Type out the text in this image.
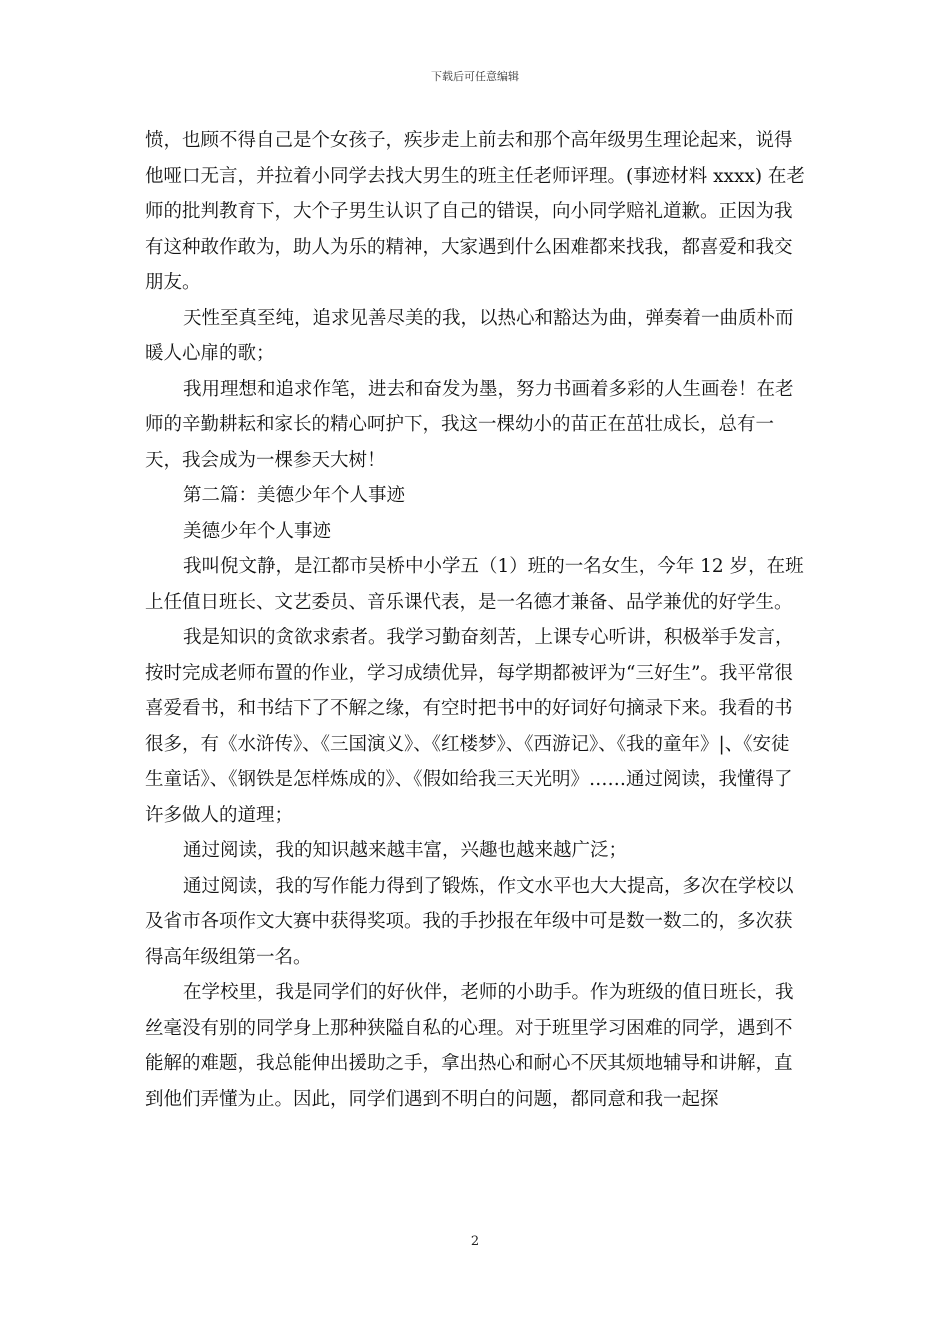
下载后可任意编辑

愤，也顾不得自己是个女孩子，疾步走上前去和那个高年级男生理论起来，说得他哑口无言，并拉着小同学去找大男生的班主任老师评理。(事迹材料 xxxx) 在老师的批判教育下，大个子男生认识了自己的错误，向小同学赔礼道歉。正因为我有这种敢作敢为，助人为乐的精神，大家遇到什么困难都来找我，都喜爱和我交朋友。

天性至真至纯，追求见善尽美的我，以热心和豁达为曲，弹奏着一曲质朴而暖人心扉的歌；

我用理想和追求作笔，进去和奋发为墨，努力书画着多彩的人生画卷！在老师的辛勤耕耘和家长的精心呵护下，我这一棵幼小的苗正在茁壮成长，总有一天，我会成为一棵参天大树！

第二篇：美德少年个人事迹

美德少年个人事迹

我叫倪文静，是江都市吴桥中小学五（1）班的一名女生，今年 12 岁，在班上任值日班长、文艺委员、音乐课代表，是一名德才兼备、品学兼优的好学生。

我是知识的贪欲求索者。我学习勤奋刻苦，上课专心听讲，积极举手发言，按时完成老师布置的作业，学习成绩优异，每学期都被评为“三好生”。我平常很喜爱看书，和书结下了不解之缘，有空时把书中的好词好句摘录下来。我看的书很多，有《水浒传》、《三国演义》、《红楼梦》、《西游记》、《我的童年》|、《安徒生童话》、《钢铁是怎样炼成的》、《假如给我三天光明》……通过阅读，我懂得了许多做人的道理；

通过阅读，我的知识越来越丰富，兴趣也越来越广泛；

通过阅读，我的写作能力得到了锻炼，作文水平也大大提高，多次在学校以及省市各项作文大赛中获得奖项。我的手抄报在年级中可是数一数二的，多次获得高年级组第一名。

在学校里，我是同学们的好伙伴，老师的小助手。作为班级的值日班长，我丝毫没有别的同学身上那种狭隘自私的心理。对于班里学习困难的同学，遇到不能解的难题，我总能伸出援助之手，拿出热心和耐心不厌其烦地辅导和讲解，直到他们弄懂为止。因此，同学们遇到不明白的问题，都同意和我一起探

2
